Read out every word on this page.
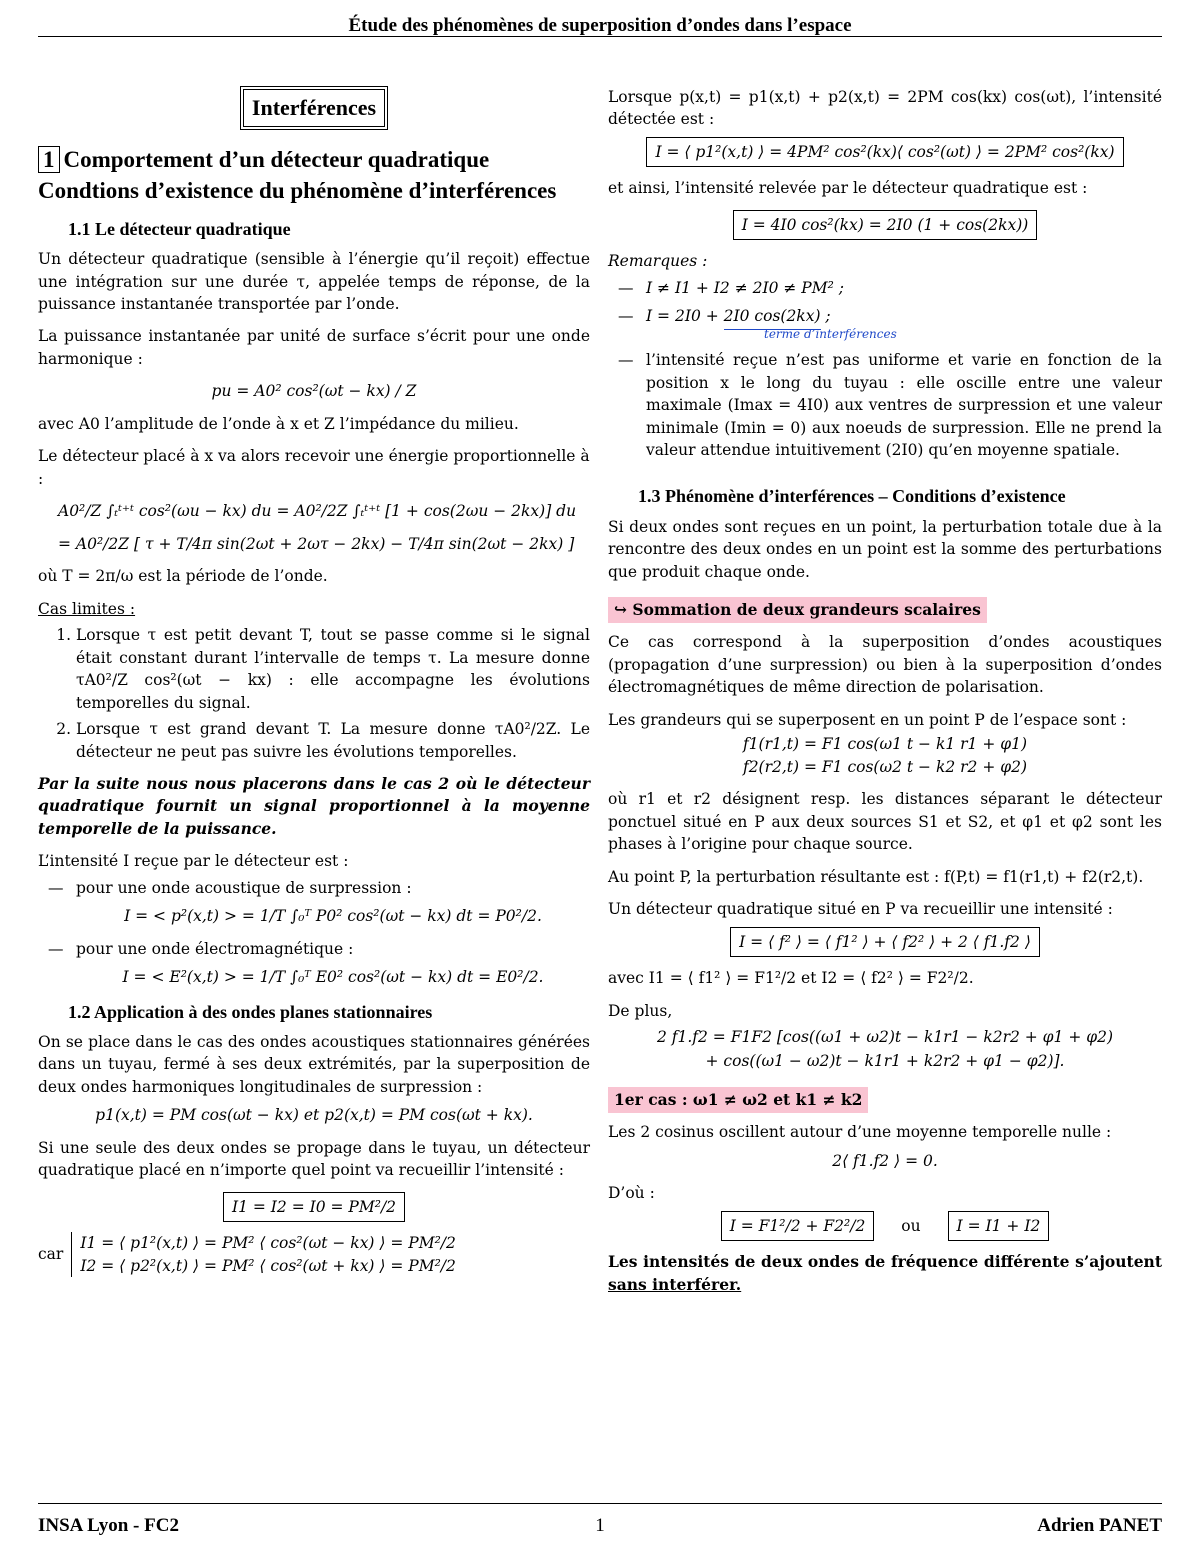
Étude des phénomènes de superposition d’ondes dans l’espace
Interférences
1 Comportement d’un détecteur quadratique
Condtions d’existence du phénomène d’interférences
1.1 Le détecteur quadratique

Un détecteur quadratique (sensible à l’énergie qu’il reçoit) effectue une intégration sur une durée τ, appelée temps de réponse, de la puissance instantanée transportée par l’onde.

La puissance instantanée par unité de surface s’écrit pour une onde harmonique :

pu = A0² cos²(ωt − kx) / Z

avec A0 l’amplitude de l’onde à x et Z l’impédance du milieu.

Le détecteur placé à x va alors recevoir une énergie proportionnelle à :

A0²/Z ∫ₜᵗ⁺ᵗ cos²(ωu − kx) du = A0²/2Z ∫ₜᵗ⁺ᵗ [1 + cos(2ωu − 2kx)] du
= A0²/2Z [ τ + T/4π sin(2ωt + 2ωτ − 2kx) − T/4π sin(2ωt − 2kx) ]

où T = 2π/ω est la période de l’onde.

Cas limites :

1. Lorsque τ est petit devant T, tout se passe comme si le signal était constant durant l’intervalle de temps τ. La mesure donne τA0²/Z cos²(ωt − kx) : elle accompagne les évolutions temporelles du signal.
2. Lorsque τ est grand devant T. La mesure donne τA0²/2Z. Le détecteur ne peut pas suivre les évolutions temporelles.

Par la suite nous nous placerons dans le cas 2 où le détecteur quadratique fournit un signal proportionnel à la moyenne temporelle de la puissance.

L’intensité I reçue par le détecteur est :

— pour une onde acoustique de surpression :
I = < p²(x,t) > = 1/T ∫₀ᵀ P0² cos²(ωt − kx) dt = P0²/2.
— pour une onde électromagnétique :
I = < E²(x,t) > = 1/T ∫₀ᵀ E0² cos²(ωt − kx) dt = E0²/2.
1.2 Application à des ondes planes stationnaires

On se place dans le cas des ondes acoustiques stationnaires générées dans un tuyau, fermé à ses deux extrémités, par la superposition de deux ondes harmoniques longitudinales de surpression :

p1(x,t) = PM cos(ωt − kx) et p2(x,t) = PM cos(ωt + kx).

Si une seule des deux ondes se propage dans le tuyau, un détecteur quadratique placé en n’importe quel point va recueillir l’intensité :

I1 = I2 = I0 = PM²/2
car
I1 = ⟨ p1²(x,t) ⟩ = PM² ⟨ cos²(ωt − kx) ⟩ = PM²/2
I2 = ⟨ p2²(x,t) ⟩ = PM² ⟨ cos²(ωt + kx) ⟩ = PM²/2

Lorsque p(x,t) = p1(x,t) + p2(x,t) = 2PM cos(kx) cos(ωt), l’intensité détectée est :

I = ⟨ p1²(x,t) ⟩ = 4PM² cos²(kx)⟨ cos²(ωt) ⟩ = 2PM² cos²(kx)

et ainsi, l’intensité relevée par le détecteur quadratique est :

I = 4I0 cos²(kx) = 2I0 (1 + cos(2kx))

Remarques :

— I ≠ I1 + I2 ≠ 2I0 ≠ PM² ;
— I = 2I0 + 2I0 cos(2kx) ;
terme d’interférences
— l’intensité reçue n’est pas uniforme et varie en fonction de la position x le long du tuyau : elle oscille entre une valeur maximale (Imax = 4I0) aux ventres de surpression et une valeur minimale (Imin = 0) aux noeuds de surpression. Elle ne prend la valeur attendue intuitivement (2I0) qu’en moyenne spatiale.
1.3 Phénomène d’interférences – Conditions d’existence

Si deux ondes sont reçues en un point, la perturbation totale due à la rencontre des deux ondes en un point est la somme des perturbations que produit chaque onde.

↪ Sommation de deux grandeurs scalaires

Ce cas correspond à la superposition d’ondes acoustiques (propagation d’une surpression) ou bien à la superposition d’ondes électromagnétiques de même direction de polarisation.

Les grandeurs qui se superposent en un point P de l’espace sont :

f1(r1,t) = F1 cos(ω1 t − k1 r1 + φ1)
f2(r2,t) = F1 cos(ω2 t − k2 r2 + φ2)

où r1 et r2 désignent resp. les distances séparant le détecteur ponctuel situé en P aux deux sources S1 et S2, et φ1 et φ2 sont les phases à l’origine pour chaque source.

Au point P, la perturbation résultante est : f(P,t) = f1(r1,t) + f2(r2,t).

Un détecteur quadratique situé en P va recueillir une intensité :

I = ⟨ f² ⟩ = ⟨ f1² ⟩ + ⟨ f2² ⟩ + 2 ⟨ f1.f2 ⟩

avec I1 = ⟨ f1² ⟩ = F1²/2 et I2 = ⟨ f2² ⟩ = F2²/2.

De plus,

2 f1.f2 = F1F2 [cos((ω1 + ω2)t − k1r1 − k2r2 + φ1 + φ2)
+ cos((ω1 − ω2)t − k1r1 + k2r2 + φ1 − φ2)].
1er cas : ω1 ≠ ω2 et k1 ≠ k2

Les 2 cosinus oscillent autour d’une moyenne temporelle nulle :

2⟨ f1.f2 ⟩ = 0.

D’où :

I = F1²/2 + F2²/2 ou I = I1 + I2

Les intensités de deux ondes de fréquence différente s’ajoutent sans interférer.

INSA Lyon - FC2	1	Adrien PANET
